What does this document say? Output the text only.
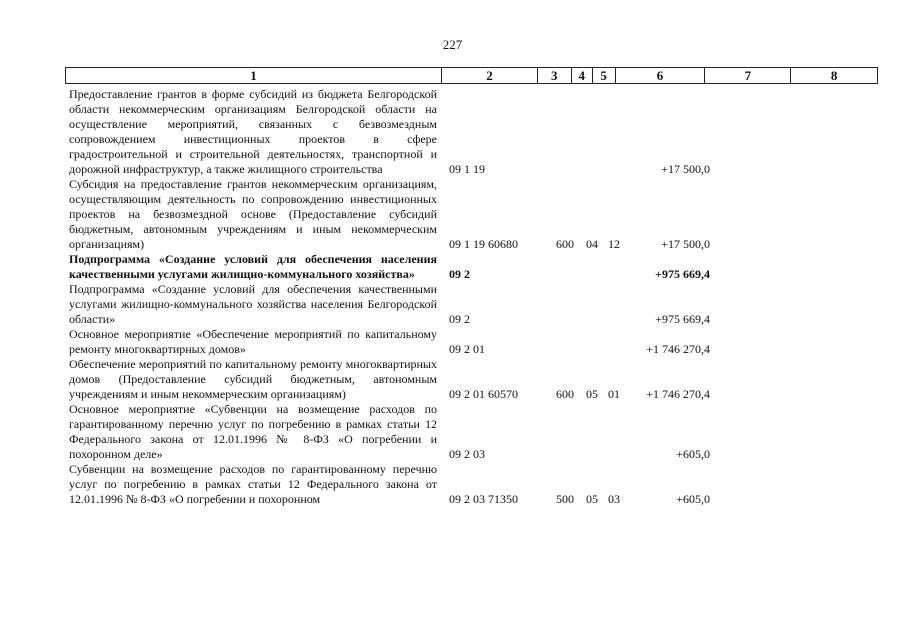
227
1	2	3	4	5	6	7	8
Предоставление грантов в форме субсидий из бюджета Белгородской области некоммерческим организациям Белгородской области на осуществление мероприятий, связанных с безвозмездным сопровождением инвестиционных проектов в сфере градостроительной и строительной деятельностях, транспортной и дорожной инфраструктур, а также жилищного строительства	09 1 19	+17 500,0
Субсидия на предоставление грантов некоммерческим организациям, осуществляющим деятельность по сопровождению инвестиционных проектов на безвозмездной основе (Предоставление субсидий бюджетным, автономным учреждениям и иным некоммерческим организациям)	09 1 19 60680	600	04 12	+17 500,0
Подпрограмма «Создание условий для обеспечения населения качественными услугами жилищно-коммунального хозяйства»	09 2	+975 669,4
Подпрограмма «Создание условий для обеспечения качественными услугами жилищно-коммунального хозяйства населения Белгородской области»	09 2	+975 669,4
Основное мероприятие «Обеспечение мероприятий по капитальному ремонту многоквартирных домов»	09 2 01	+1 746 270,4
Обеспечение мероприятий по капитальному ремонту многоквартирных домов (Предоставление субсидий бюджетным, автономным учреждениям и иным некоммерческим организациям)	09 2 01 60570	600	05 01	+1 746 270,4
Основное мероприятие «Субвенции на возмещение расходов по гарантированному перечню услуг по погребению в рамках статьи 12 Федерального закона от 12.01.1996 № 8-ФЗ «О погребении и похоронном деле»	09 2 03	+605,0
Субвенции на возмещение расходов по гарантированному перечню услуг по погребению в рамках статьи 12 Федерального закона от 12.01.1996 № 8-ФЗ «О погребении и похоронном	09 2 03 71350	500	05 03	+605,0
